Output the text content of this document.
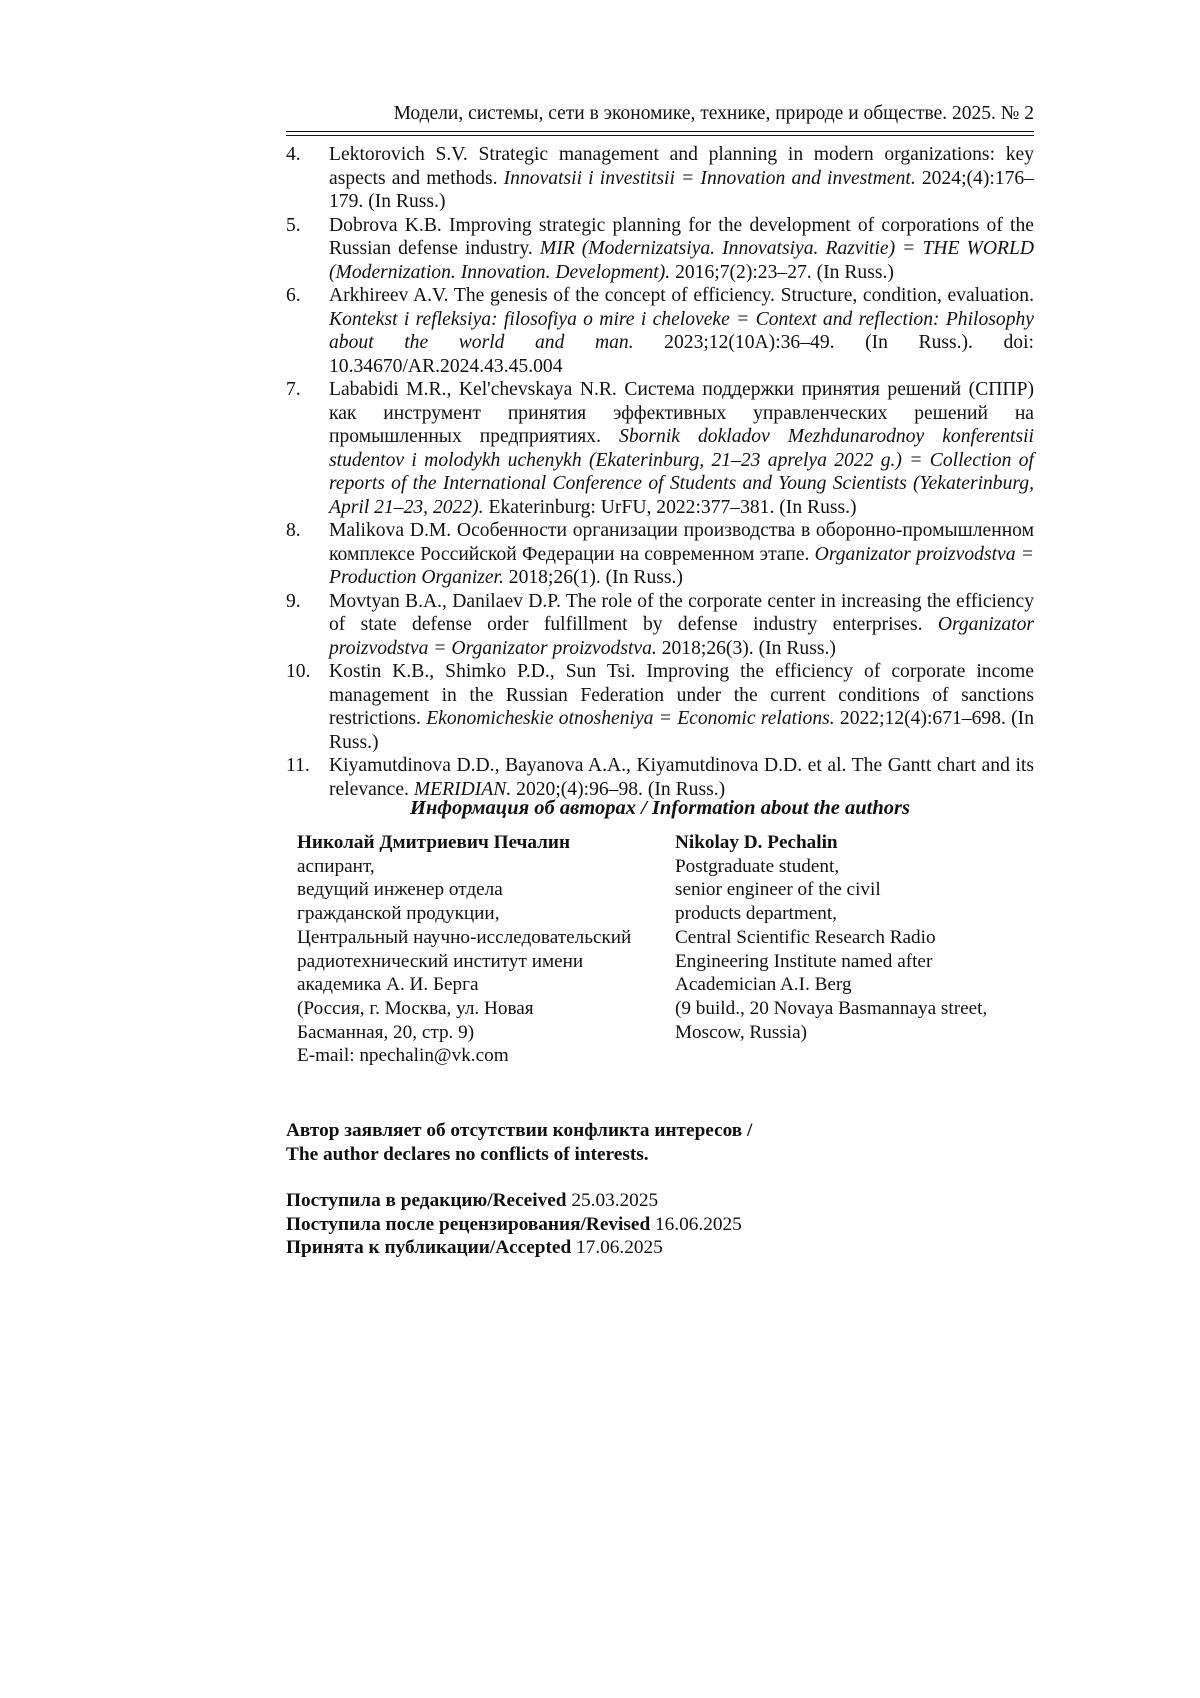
Модели, системы, сети в экономике, технике, природе и обществе. 2025. № 2
4.	Lektorovich S.V. Strategic management and planning in modern organizations: key aspects and methods. Innovatsii i investitsii = Innovation and investment. 2024;(4):176–179. (In Russ.)
5.	Dobrova K.B. Improving strategic planning for the development of corporations of the Russian defense industry. MIR (Modernizatsiya. Innovatsiya. Razvitie) = THE WORLD (Modernization. Innovation. Development). 2016;7(2):23–27. (In Russ.)
6.	Arkhireev A.V. The genesis of the concept of efficiency. Structure, condition, evaluation. Kontekst i refleksiya: filosofiya o mire i cheloveke = Context and reflection: Philosophy about the world and man. 2023;12(10A):36–49. (In Russ.). doi: 10.34670/AR.2024.43.45.004
7.	Lababidi M.R., Kel'chevskaya N.R. Система поддержки принятия решений (СППР) как инструмент принятия эффективных управленческих решений на промышленных предприятиях. Sbornik dokladov Mezhdunarodnoy konferentsii studentov i molodykh uchenykh (Ekaterinburg, 21–23 aprelya 2022 g.) = Collection of reports of the International Conference of Students and Young Scientists (Yekaterinburg, April 21–23, 2022). Ekaterinburg: UrFU, 2022:377–381. (In Russ.)
8.	Malikova D.M. Особенности организации производства в оборонно-промышленном комплексе Российской Федерации на современном этапе. Organizator proizvodstva = Production Organizer. 2018;26(1). (In Russ.)
9.	Movtyan B.A., Danilaev D.P. The role of the corporate center in increasing the efficiency of state defense order fulfillment by defense industry enterprises. Organizator proizvodstva = Organizator proizvodstva. 2018;26(3). (In Russ.)
10. Kostin K.B., Shimko P.D., Sun Tsi. Improving the efficiency of corporate income management in the Russian Federation under the current conditions of sanctions restrictions. Ekonomicheskie otnosheniya = Economic relations. 2022;12(4):671–698. (In Russ.)
11. Kiyamutdinova D.D., Bayanova A.A., Kiyamutdinova D.D. et al. The Gantt chart and its relevance. MERIDIAN. 2020;(4):96–98. (In Russ.)
Информация об авторах / Information about the authors
Николай Дмитриевич Печалин
аспирант,
ведущий инженер отдела
гражданской продукции,
Центральный научно-исследовательский
радиотехнический институт имени
академика А. И. Берга
(Россия, г. Москва, ул. Новая
Басманная, 20, стр. 9)
E-mail: npechalin@vk.com
Nikolay D. Pechalin
Postgraduate student,
senior engineer of the civil
products department,
Central Scientific Research Radio
Engineering Institute named after
Academician A.I. Berg
(9 build., 20 Novaya Basmannaya street,
Moscow, Russia)
Автор заявляет об отсутствии конфликта интересов /
The author declares no conflicts of interests.
Поступила в редакцию/Received 25.03.2025
Поступила после рецензирования/Revised 16.06.2025
Принята к публикации/Accepted 17.06.2025
